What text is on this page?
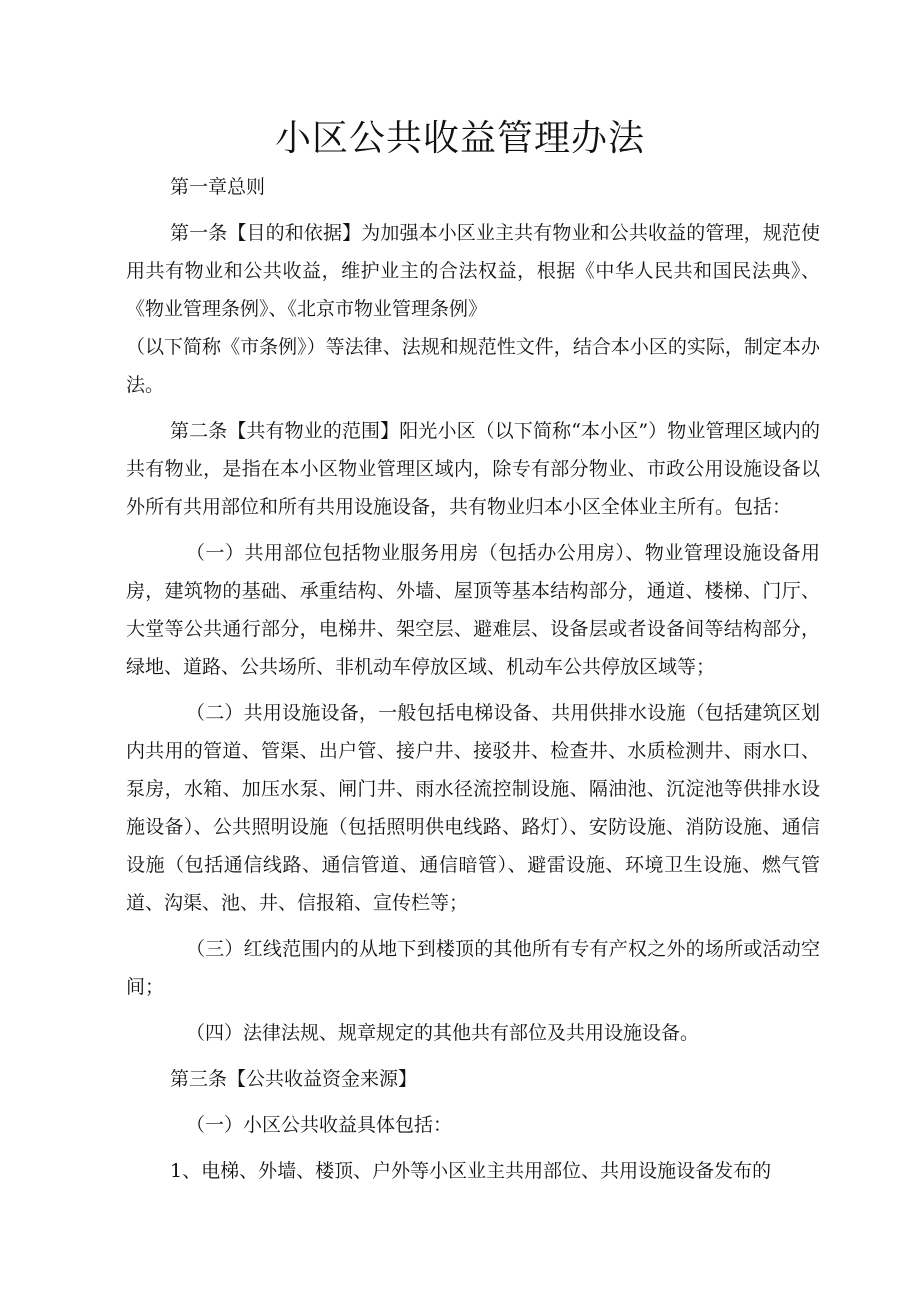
小区公共收益管理办法

第一章总则

第一条【目的和依据】为加强本小区业主共有物业和公共收益的管理，规范使用共有物业和公共收益，维护业主的合法权益，根据《中华人民共和国民法典》、《物业管理条例》、《北京市物业管理条例》

（以下简称《市条例》）等法律、法规和规范性文件，结合本小区的实际，制定本办法。

第二条【共有物业的范围】阳光小区（以下简称“本小区”）物业管理区域内的共有物业，是指在本小区物业管理区域内，除专有部分物业、市政公用设施设备以外所有共用部位和所有共用设施设备，共有物业归本小区全体业主所有。包括：

（一）共用部位包括物业服务用房（包括办公用房）、物业管理设施设备用房，建筑物的基础、承重结构、外墙、屋顶等基本结构部分，通道、楼梯、门厅、大堂等公共通行部分，电梯井、架空层、避难层、设备层或者设备间等结构部分，绿地、道路、公共场所、非机动车停放区域、机动车公共停放区域等；

（二）共用设施设备，一般包括电梯设备、共用供排水设施（包括建筑区划内共用的管道、管渠、出户管、接户井、接驳井、检查井、水质检测井、雨水口、泵房，水箱、加压水泵、闸门井、雨水径流控制设施、隔油池、沉淀池等供排水设施设备）、公共照明设施（包括照明供电线路、路灯）、安防设施、消防设施、通信设施（包括通信线路、通信管道、通信暗管）、避雷设施、环境卫生设施、燃气管道、沟渠、池、井、信报箱、宣传栏等；

（三）红线范围内的从地下到楼顶的其他所有专有产权之外的场所或活动空间；

（四）法律法规、规章规定的其他共有部位及共用设施设备。

第三条【公共收益资金来源】

（一）小区公共收益具体包括：

1、电梯、外墙、楼顶、户外等小区业主共用部位、共用设施设备发布的
